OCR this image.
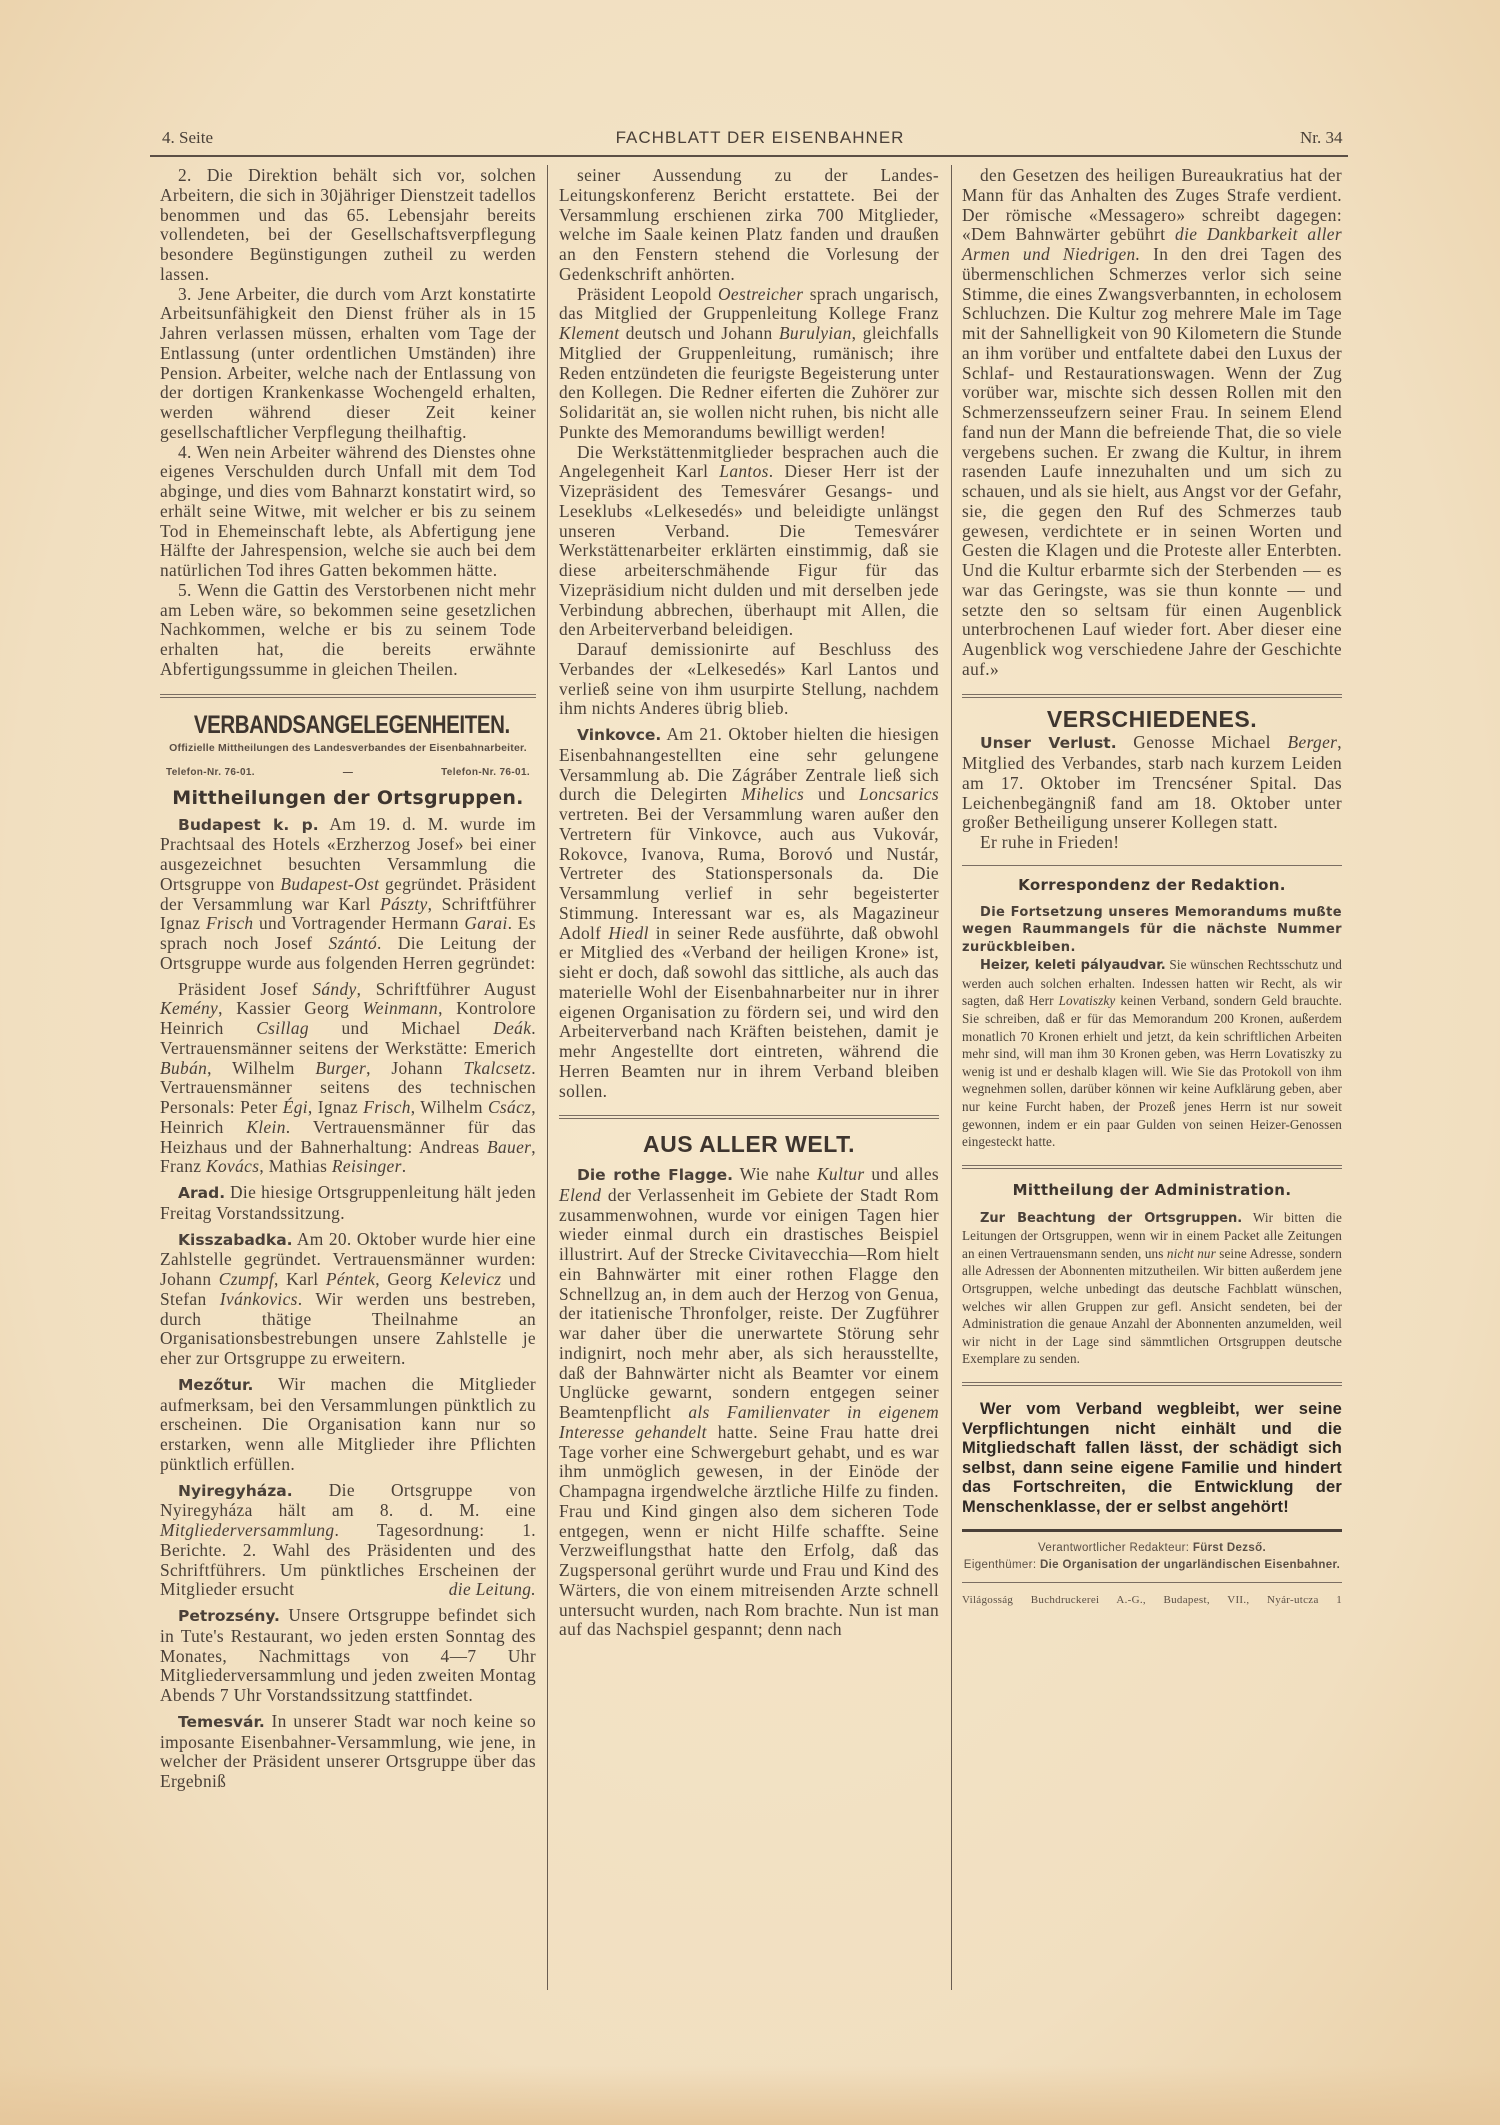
4. Seite	FACHBLATT DER EISENBAHNER	Nr. 34

2. Die Direktion behält sich vor, solchen Arbeitern, die sich in 30jähriger Dienstzeit tadellos benommen und das 65. Lebensjahr bereits vollendeten, bei der Gesellschaftsverpflegung besondere Begünstigungen zutheil zu werden lassen.

3. Jene Arbeiter, die durch vom Arzt konstatirte Arbeitsunfähigkeit den Dienst früher als in 15 Jahren verlassen müssen, erhalten vom Tage der Entlassung (unter ordentlichen Umständen) ihre Pension. Arbeiter, welche nach der Entlassung von der dortigen Krankenkasse Wochengeld erhalten, werden während dieser Zeit keiner gesellschaftlicher Verpflegung theilhaftig.

4. Wen nein Arbeiter während des Dienstes ohne eigenes Verschulden durch Unfall mit dem Tod abginge, und dies vom Bahnarzt konstatirt wird, so erhält seine Witwe, mit welcher er bis zu seinem Tod in Ehemeinschaft lebte, als Abfertigung jene Hälfte der Jahrespension, welche sie auch bei dem natürlichen Tod ihres Gatten bekommen hätte.

5. Wenn die Gattin des Verstorbenen nicht mehr am Leben wäre, so bekommen seine gesetzlichen Nachkommen, welche er bis zu seinem Tode erhalten hat, die bereits erwähnte Abfertigungssumme in gleichen Theilen.

VERBANDSANGELEGENHEITEN.
Offizielle Mittheilungen des Landesverbandes der Eisenbahnarbeiter.
Telefon-Nr. 76-01.	—	Telefon-Nr. 76-01.
Mittheilungen der Ortsgruppen.

Budapest k. p. Am 19. d. M. wurde im Prachtsaal des Hotels «Erzherzog Josef» bei einer ausgezeichnet besuchten Versammlung die Ortsgruppe von Budapest-Ost gegründet. Präsident der Versammlung war Karl Pászty, Schriftführer Ignaz Frisch und Vortragender Hermann Garai. Es sprach noch Josef Szántó. Die Leitung der Ortsgruppe wurde aus folgenden Herren gegründet:

Präsident Josef Sándy, Schriftführer August Kemény, Kassier Georg Weinmann, Kontrolore Heinrich Csillag und Michael Deák. Vertrauensmänner seitens der Werkstätte: Emerich Bubán, Wilhelm Burger, Johann Tkalcsetz. Vertrauensmänner seitens des technischen Personals: Peter Égi, Ignaz Frisch, Wilhelm Csácz, Heinrich Klein. Vertrauensmänner für das Heizhaus und der Bahnerhaltung: Andreas Bauer, Franz Kovács, Mathias Reisinger.

Arad. Die hiesige Ortsgruppenleitung hält jeden Freitag Vorstandssitzung.

Kisszabadka. Am 20. Oktober wurde hier eine Zahlstelle gegründet. Vertrauensmänner wurden: Johann Czumpf, Karl Péntek, Georg Kelevicz und Stefan Ivánkovics. Wir werden uns bestreben, durch thätige Theilnahme an Organisationsbestrebungen unsere Zahlstelle je eher zur Ortsgruppe zu erweitern.

Mezőtur. Wir machen die Mitglieder aufmerksam, bei den Versammlungen pünktlich zu erscheinen. Die Organisation kann nur so erstarken, wenn alle Mitglieder ihre Pflichten pünktlich erfüllen.

Nyiregyháza. Die Ortsgruppe von Nyiregyháza hält am 8. d. M. eine Mitgliederversammlung. Tagesordnung: 1. Berichte. 2. Wahl des Präsidenten und des Schriftführers. Um pünktliches Erscheinen der Mitglieder ersucht	die Leitung.

Petrozsény. Unsere Ortsgruppe befindet sich in Tute's Restaurant, wo jeden ersten Sonntag des Monates, Nachmittags von 4—7 Uhr Mitgliederversammlung und jeden zweiten Montag Abends 7 Uhr Vorstandssitzung stattfindet.

Temesvár. In unserer Stadt war noch keine so imposante Eisenbahner-Versammlung, wie jene, in welcher der Präsident unserer Ortsgruppe über das Ergebniß

seiner Aussendung zu der Landes-Leitungskonferenz Bericht erstattete. Bei der Versammlung erschienen zirka 700 Mitglieder, welche im Saale keinen Platz fanden und draußen an den Fenstern stehend die Vorlesung der Gedenkschrift anhörten.

Präsident Leopold Oestreicher sprach ungarisch, das Mitglied der Gruppenleitung Kollege Franz Klement deutsch und Johann Burulyian, gleichfalls Mitglied der Gruppenleitung, rumänisch; ihre Reden entzündeten die feurigste Begeisterung unter den Kollegen. Die Redner eiferten die Zuhörer zur Solidarität an, sie wollen nicht ruhen, bis nicht alle Punkte des Memorandums bewilligt werden!

Die Werkstättenmitglieder besprachen auch die Angelegenheit Karl Lantos. Dieser Herr ist der Vizepräsident des Temesvárer Gesangs- und Leseklubs «Lelkesedés» und beleidigte unlängst unseren Verband. Die Temesvárer Werkstättenarbeiter erklärten einstimmig, daß sie diese arbeiterschmähende Figur für das Vizepräsidium nicht dulden und mit derselben jede Verbindung abbrechen, überhaupt mit Allen, die den Arbeiterverband beleidigen.

Darauf demissionirte auf Beschluss des Verbandes der «Lelkesedés» Karl Lantos und verließ seine von ihm usurpirte Stellung, nachdem ihm nichts Anderes übrig blieb.

Vinkovce. Am 21. Oktober hielten die hiesigen Eisenbahnangestellten eine sehr gelungene Versammlung ab. Die Zágráber Zentrale ließ sich durch die Delegirten Mihelics und Loncsarics vertreten. Bei der Versammlung waren außer den Vertretern für Vinkovce, auch aus Vukovár, Rokovce, Ivanova, Ruma, Borovó und Nustár, Vertreter des Stationspersonals da. Die Versammlung verlief in sehr begeisterter Stimmung. Interessant war es, als Magazineur Adolf Hiedl in seiner Rede ausführte, daß obwohl er Mitglied des «Verband der heiligen Krone» ist, sieht er doch, daß sowohl das sittliche, als auch das materielle Wohl der Eisenbahnarbeiter nur in ihrer eigenen Organisation zu fördern sei, und wird den Arbeiterverband nach Kräften beistehen, damit je mehr Angestellte dort eintreten, während die Herren Beamten nur in ihrem Verband bleiben sollen.

AUS ALLER WELT.

Die rothe Flagge. Wie nahe Kultur und alles Elend der Verlassenheit im Gebiete der Stadt Rom zusammenwohnen, wurde vor einigen Tagen hier wieder einmal durch ein drastisches Beispiel illustrirt. Auf der Strecke Civitavecchia—Rom hielt ein Bahnwärter mit einer rothen Flagge den Schnellzug an, in dem auch der Herzog von Genua, der itatienische Thronfolger, reiste. Der Zugführer war daher über die unerwartete Störung sehr indignirt, noch mehr aber, als sich herausstellte, daß der Bahnwärter nicht als Beamter vor einem Unglücke gewarnt, sondern entgegen seiner Beamtenpflicht als Familienvater in eigenem Interesse gehandelt hatte. Seine Frau hatte drei Tage vorher eine Schwergeburt gehabt, und es war ihm unmöglich gewesen, in der Einöde der Champagna irgendwelche ärztliche Hilfe zu finden. Frau und Kind gingen also dem sicheren Tode entgegen, wenn er nicht Hilfe schaffte. Seine Verzweiflungsthat hatte den Erfolg, daß das Zugspersonal gerührt wurde und Frau und Kind des Wärters, die von einem mitreisenden Arzte schnell untersucht wurden, nach Rom brachte. Nun ist man auf das Nachspiel gespannt; denn nach

den Gesetzen des heiligen Bureaukratius hat der Mann für das Anhalten des Zuges Strafe verdient. Der römische «Messagero» schreibt dagegen: «Dem Bahnwärter gebührt die Dankbarkeit aller Armen und Niedrigen. In den drei Tagen des übermenschlichen Schmerzes verlor sich seine Stimme, die eines Zwangsverbannten, in echolosem Schluchzen. Die Kultur zog mehrere Male im Tage mit der Sahnelligkeit von 90 Kilometern die Stunde an ihm vorüber und entfaltete dabei den Luxus der Schlaf- und Restaurationswagen. Wenn der Zug vorüber war, mischte sich dessen Rollen mit den Schmerzensseufzern seiner Frau. In seinem Elend fand nun der Mann die befreiende That, die so viele vergebens suchen. Er zwang die Kultur, in ihrem rasenden Laufe innezuhalten und um sich zu schauen, und als sie hielt, aus Angst vor der Gefahr, sie, die gegen den Ruf des Schmerzes taub gewesen, verdichtete er in seinen Worten und Gesten die Klagen und die Proteste aller Enterbten. Und die Kultur erbarmte sich der Sterbenden — es war das Geringste, was sie thun konnte — und setzte den so seltsam für einen Augenblick unterbrochenen Lauf wieder fort. Aber dieser eine Augenblick wog verschiedene Jahre der Geschichte auf.»

VERSCHIEDENES.

Unser Verlust. Genosse Michael Berger, Mitglied des Verbandes, starb nach kurzem Leiden am 17. Oktober im Trencséner Spital. Das Leichenbegängniß fand am 18. Oktober unter großer Betheiligung unserer Kollegen statt.

Er ruhe in Frieden!

Korrespondenz der Redaktion.

Die Fortsetzung unseres Memorandums mußte wegen Raummangels für die nächste Nummer zurückbleiben.

Heizer, keleti pályaudvar. Sie wünschen Rechtsschutz und werden auch solchen erhalten. Indessen hatten wir Recht, als wir sagten, daß Herr Lovatiszky keinen Verband, sondern Geld brauchte. Sie schreiben, daß er für das Memorandum 200 Kronen, außerdem monatlich 70 Kronen erhielt und jetzt, da kein schriftlichen Arbeiten mehr sind, will man ihm 30 Kronen geben, was Herrn Lovatiszky zu wenig ist und er deshalb klagen will. Wie Sie das Protokoll von ihm wegnehmen sollen, darüber können wir keine Aufklärung geben, aber nur keine Furcht haben, der Prozeß jenes Herrn ist nur soweit gewonnen, indem er ein paar Gulden von seinen Heizer-Genossen eingesteckt hatte.

Mittheilung der Administration.

Zur Beachtung der Ortsgruppen. Wir bitten die Leitungen der Ortsgruppen, wenn wir in einem Packet alle Zeitungen an einen Vertrauensmann senden, uns nicht nur seine Adresse, sondern alle Adressen der Abonnenten mitzutheilen. Wir bitten außerdem jene Ortsgruppen, welche unbedingt das deutsche Fachblatt wünschen, welches wir allen Gruppen zur gefl. Ansicht sendeten, bei der Administration die genaue Anzahl der Abonnenten anzumelden, weil wir nicht in der Lage sind sämmtlichen Ortsgruppen deutsche Exemplare zu senden.

Wer vom Verband wegbleibt, wer seine Verpflichtungen nicht einhält und die Mitgliedschaft fallen lässt, der schädigt sich selbst, dann seine eigene Familie und hindert das Fortschreiten, die Entwicklung der Menschenklasse, der er selbst angehört!

Verantwortlicher Redakteur: Fürst Dezső.
Eigenthümer: Die Organisation der ungarländischen Eisenbahner.
Világosság Buchdruckerei A.-G., Budapest, VII., Nyár-utcza 1
